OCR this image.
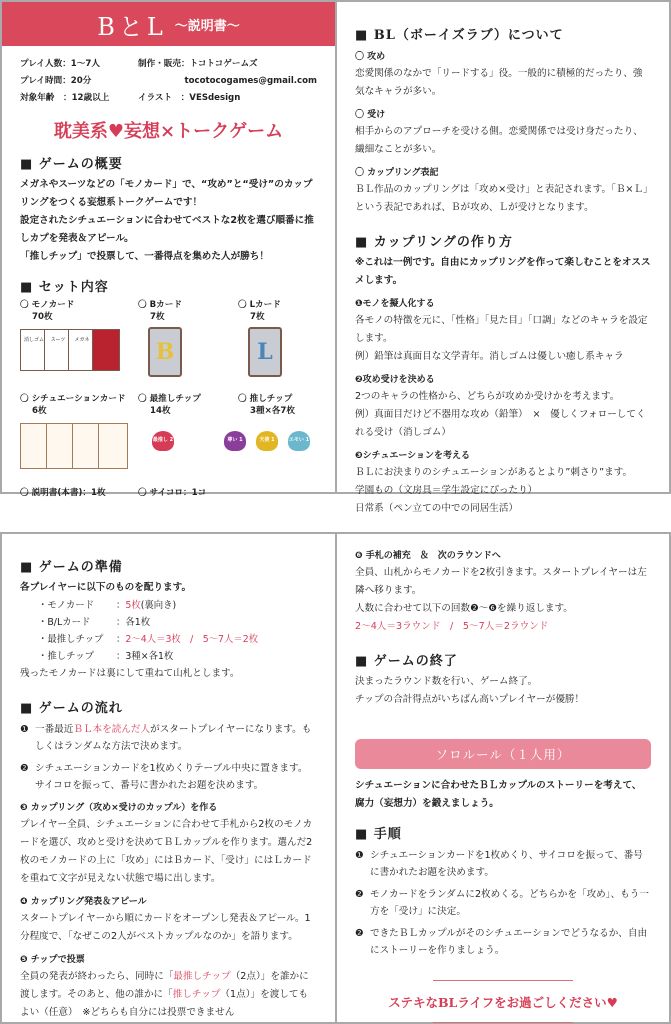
BとL 〜説明書〜
プレイ人数：1〜7人	制作・販売：トコトコゲームズ
プレイ時間：20分	tocotocogames@gmail.com
対象年齢　：12歳以上	イラスト　：VESdesign
耽美系♥妄想×トークゲーム
■ ゲームの概要

メガネやスーツなどの「モノカード」で、“攻め”と“受け”のカップリングをつくる妄想系トークゲームです！

設定されたシチュエーションに合わせてベストな2枚を選び順番に推しカプを発表＆アピール。

「推しチップ」で投票して、一番得点を集めた人が勝ち！

■ セット内容
〇 モノカード
70枚
消しゴム	スーツ	メガネ
〇 Bカード
7枚
B
〇 Lカード
7枚
L
〇 シチュエーションカード
6枚
〇 最推しチップ
14枚
最推し 2
〇 推しチップ
3種×各7枚
尊い 1	天使 1	エモい 1
〇 説明書(本書)：1枚	〇 サイコロ：1コ
■ BL（ボーイズラブ）について
〇 攻め

恋愛関係のなかで「リードする」役。一般的に積極的だったり、強気なキャラが多い。

〇 受け

相手からのアプローチを受ける側。恋愛関係では受け身だったり、繊細なことが多い。

〇 カップリング表記

ＢＬ作品のカップリングは「攻め×受け」と表記されます。「Ｂ×Ｌ」という表記であれば、Ｂが攻め、Ｌが受けとなります。

■ カップリングの作り方

※これは一例です。自由にカップリングを作って楽しむことをオススメします。

❶モノを擬人化する

各モノの特徴を元に、「性格」「見た目」「口調」などのキャラを設定します。

例）鉛筆は真面目な文学青年。消しゴムは優しい癒し系キャラ

❷攻め受けを決める

2つのキャラの性格から、どちらが攻めか受けかを考えます。

例）真面目だけど不器用な攻め（鉛筆）　×　優しくフォローしてくれる受け（消しゴム）

❸シチュエーションを考える

ＢＬにお決まりのシチュエーションがあるとより”刺さり”ます。

学園もの（文房具＝学生設定にぴったり）

日常系（ペン立ての中での同居生活）

■ ゲームの準備

各プレイヤーに以下のものを配ります。

・モノカード ：5枚(裏向き)
・B/Lカード	：各1枚
・最推しチップ ：2〜4人＝3枚　/　5〜7人＝2枚
・推しチップ ：3種×各1枚

残ったモノカードは裏にして重ねて山札とします。

■ ゲームの流れ
❶ 一番最近ＢＬ本を読んだ人がスタートプレイヤーになります。もしくはランダムな方法で決めます。
❷ シチュエーションカードを1枚めくりテーブル中央に置きます。サイコロを振って、番号に書かれたお題を決めます。
❸ カップリング（攻め×受けのカップル）を作る

プレイヤー全員、シチュエーションに合わせて手札から2枚のモノカードを選び、攻めと受けを決めてＢＬカップルを作ります。選んだ2枚のモノカードの上に「攻め」にはＢカード、「受け」にはＬカードを重ねて文字が見えない状態で場に出します。

❹ カップリング発表＆アピール

スタートプレイヤーから順にカードをオープンし発表＆アピール。1分程度で、「なぜこの2人がベストカップルなのか」を語ります。

❺ チップで投票

全員の発表が終わったら、同時に「最推しチップ（2点）」を誰かに渡します。そのあと、他の誰かに「推しチップ（1点）」を渡してもよい（任意）　※どちらも自分には投票できません

❻ 手札の補充　＆　次のラウンドへ

全員、山札からモノカードを2枚引きます。スタートプレイヤーは左隣へ移ります。

人数に合わせて以下の回数❷〜❻を繰り返します。

2〜4人＝3ラウンド　/　5〜7人＝2ラウンド

■ ゲームの終了

決まったラウンド数を行い、ゲーム終了。

チップの合計得点がいちばん高いプレイヤーが優勝！

ソロルール（１人用）

シチュエーションに合わせたＢＬカップルのストーリーを考えて、腐力（妄想力）を鍛えましょう。

■ 手順
❶ シチュエーションカードを1枚めくり、サイコロを振って、番号に書かれたお題を決めます。
❷ モノカードをランダムに2枚めくる。どちらかを「攻め」、もう一方を「受け」に決定。
❷ できたＢＬカップルがそのシチュエーションでどうなるか、自由にストーリーを作りましょう。
ステキなBLライフをお過ごしください♥
